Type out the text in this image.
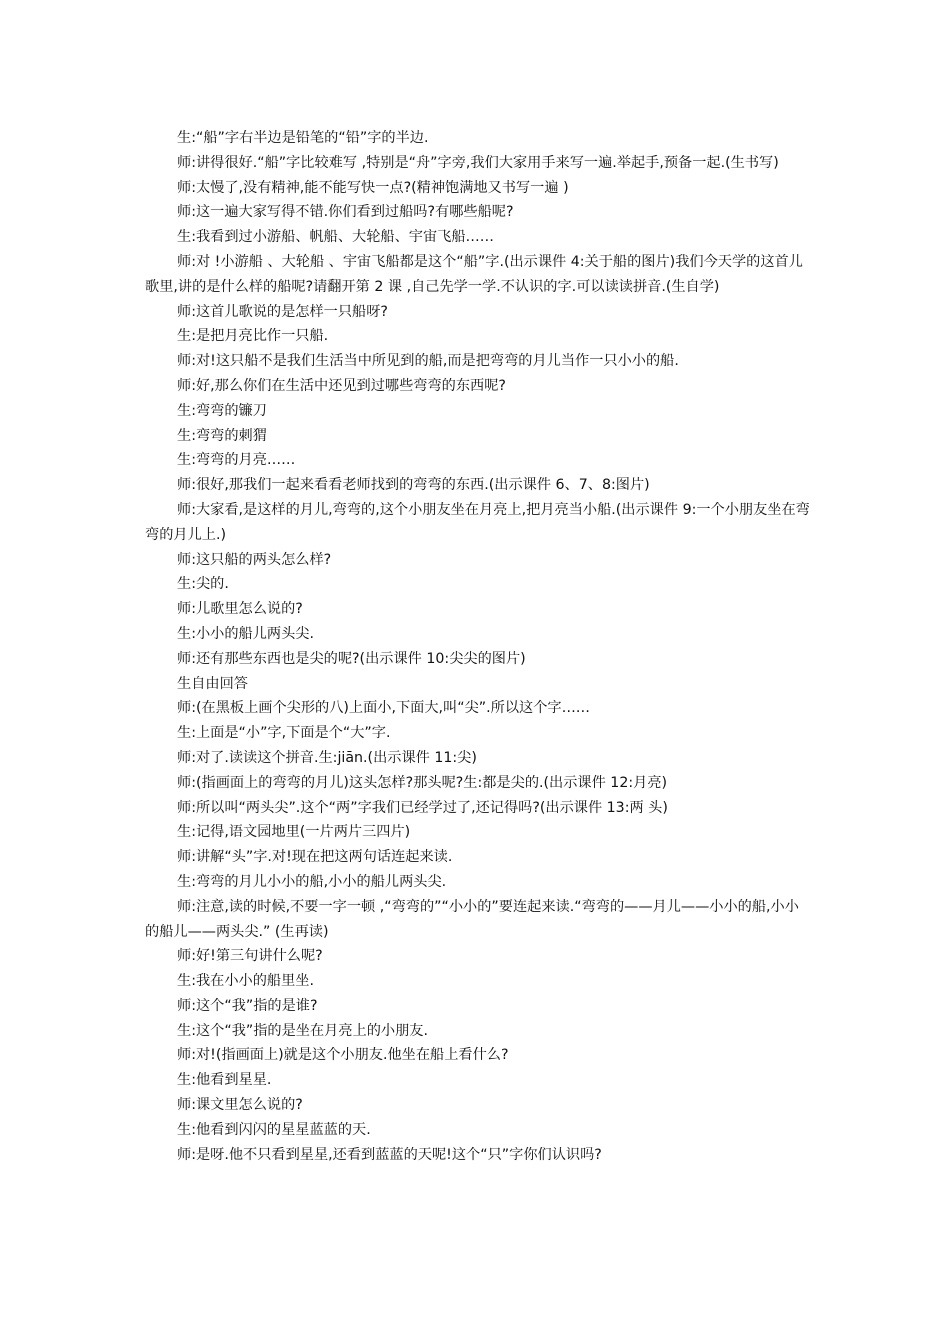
生:“船”字右半边是铅笔的“铅”字的半边.

师:讲得很好.“船”字比较难写 ,特别是“舟”字旁,我们大家用手来写一遍.举起手,预备一起.(生书写)

师:太慢了,没有精神,能不能写快一点?(精神饱满地又书写一遍 )

师:这一遍大家写得不错.你们看到过船吗?有哪些船呢?

生:我看到过小游船、帆船、大轮船、宇宙飞船……

师:对 !小游船 、大轮船 、宇宙飞船都是这个“船”字.(出示课件 4:关于船的图片)我们今天学的这首儿歌里,讲的是什么样的船呢?请翻开第 2 课 ,自己先学一学.不认识的字.可以读读拼音.(生自学)

师:这首儿歌说的是怎样一只船呀?

生:是把月亮比作一只船.

师:对!这只船不是我们生活当中所见到的船,而是把弯弯的月儿当作一只小小的船.

师:好,那么你们在生活中还见到过哪些弯弯的东西呢?

生:弯弯的镰刀

生:弯弯的刺猬

生:弯弯的月亮……

师:很好,那我们一起来看看老师找到的弯弯的东西.(出示课件 6、7、8:图片)

师:大家看,是这样的月儿,弯弯的,这个小朋友坐在月亮上,把月亮当小船.(出示课件 9:一个小朋友坐在弯弯的月儿上.)

师:这只船的两头怎么样?

生:尖的.

师:儿歌里怎么说的?

生:小小的船儿两头尖.

师:还有那些东西也是尖的呢?(出示课件 10:尖尖的图片)

生自由回答

师:(在黑板上画个尖形的八)上面小,下面大,叫“尖”.所以这个字……

生:上面是“小”字,下面是个“大”字.

师:对了.读读这个拼音.生:jiān.(出示课件 11:尖)

师:(指画面上的弯弯的月儿)这头怎样?那头呢?生:都是尖的.(出示课件 12:月亮)

师:所以叫“两头尖”.这个“两”字我们已经学过了,还记得吗?(出示课件 13:两 头)

生:记得,语文园地里(一片两片三四片)

师:讲解“头”字.对!现在把这两句话连起来读.

生:弯弯的月儿小小的船,小小的船儿两头尖.

师:注意,读的时候,不要一字一顿 ,“弯弯的”“小小的”要连起来读.“弯弯的——月儿——小小的船,小小的船儿——两头尖.” (生再读)

师:好!第三句讲什么呢?

生:我在小小的船里坐.

师:这个“我”指的是谁?

生:这个“我”指的是坐在月亮上的小朋友.

师:对!(指画面上)就是这个小朋友.他坐在船上看什么?

生:他看到星星.

师:课文里怎么说的?

生:他看到闪闪的星星蓝蓝的天.

师:是呀.他不只看到星星,还看到蓝蓝的天呢!这个“只”字你们认识吗?
